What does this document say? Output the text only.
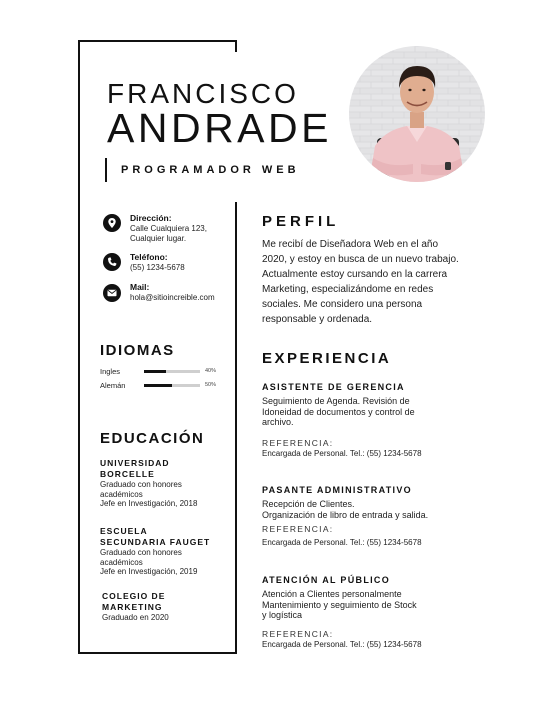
FRANCISCO
ANDRADE
PROGRAMADOR WEB
Dirección:
Calle Cualquiera 123,
Cualquier lugar.
Teléfono:
(55) 1234-5678
Mail:
hola@sitioincreible.com
IDIOMAS
Ingles	40%
Alemán	50%
EDUCACIÓN
UNIVERSIDAD
BORCELLE
Graduado con honores
académicos
Jefe en Investigación, 2018
ESCUELA
SECUNDARIA FAUGET
Graduado con honores
académicos
Jefe en Investigación, 2019
COLEGIO DE
MARKETING
Graduado en 2020
PERFIL
Me recibí de Diseñadora Web en el año
2020, y estoy en busca de un nuevo trabajo.
Actualmente estoy cursando en la carrera
Marketing, especializándome en redes
sociales. Me considero una persona
responsable y ordenada.
EXPERIENCIA
ASISTENTE DE GERENCIA
Seguimiento de Agenda. Revisión de
Idoneidad de documentos y control de
archivo.
REFERENCIA:
Encargada de Personal. Tel.: (55) 1234-5678
PASANTE ADMINISTRATIVO
Recepción de Clientes.
Organización de libro de entrada y salida.
REFERENCIA:
Encargada de Personal. Tel.: (55) 1234-5678
ATENCIÓN AL PÚBLICO
Atención a Clientes personalmente
Mantenimiento y seguimiento de Stock
y logística
REFERENCIA:
Encargada de Personal. Tel.: (55) 1234-5678
